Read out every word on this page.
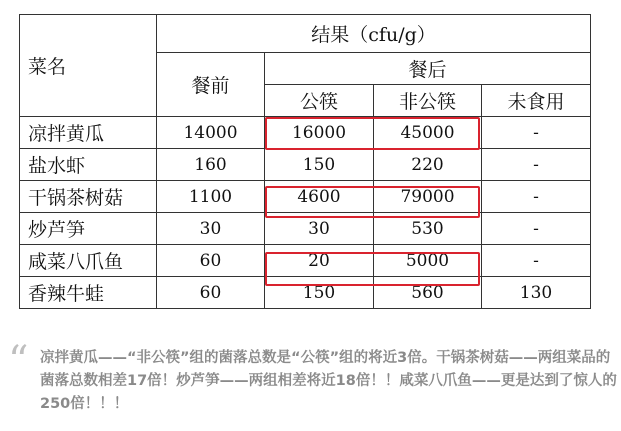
菜名	结果（cfu/g）			
	餐前	餐后		
		公筷	非公筷	未食用
凉拌黄瓜	14000	16000	45000	-
盐水虾	160	150	220	-
干锅茶树菇	1100	4600	79000	-
炒芦笋	30	30	530	-
咸菜八爪鱼	60	20	5000	-
香辣牛蛙	60	150	560	130
“ 凉拌黄瓜——“非公筷”组的菌落总数是“公筷”组的将近3倍。干锅茶树菇——两组菜品的菌落总数相差17倍！炒芦笋——两组相差将近18倍！！咸菜八爪鱼——更是达到了惊人的250倍！！！
